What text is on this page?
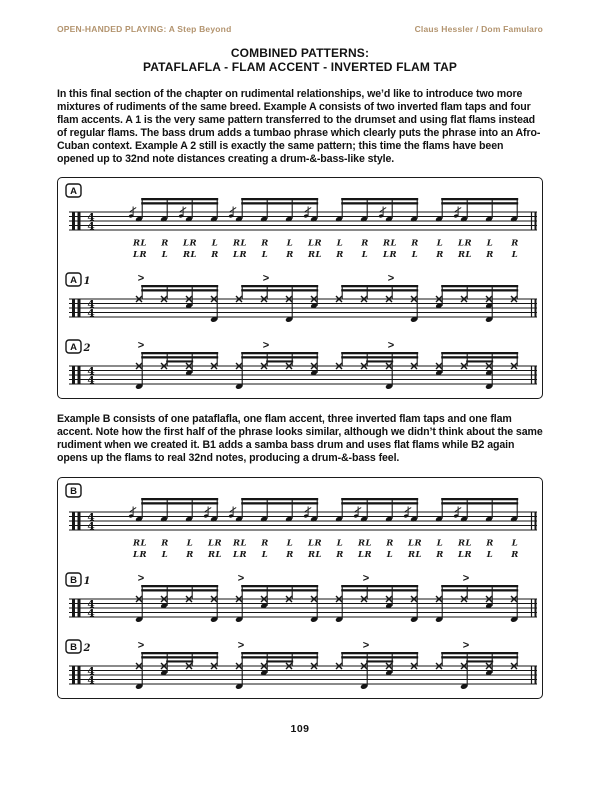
OPEN-HANDED PLAYING: A Step Beyond	Claus Hessler / Dom Famularo
COMBINED PATTERNS:
PATAFLAFLA - FLAM ACCENT - INVERTED FLAM TAP

In this final section of the chapter on rudimental relationships, we’d like to introduce two more mixtures of rudiments of the same breed. Example A consists of two inverted flam taps and four flam accents. A 1 is the very same pattern transferred to the drumset and using flat flams instead of regular flams. The bass drum adds a tumbao phrase which clearly puts the phrase into an Afro-Cuban context. Example A 2 still is exactly the same pattern; this time the flams have been opened up to 32nd note distances creating a drum-&-bass-like style.

4
4
A
RL R LR L RL R L LR L R RL R L LR L R
LR L RL R LR L R RL R L LR L R RL R L
4
4
A 1	>	>	>
4
4
A 2	>	>	>

Example B consists of one pataflafla, one flam accent, three inverted flam taps and one flam accent. Note how the first half of the phrase looks similar, although we didn’t think about the same rudiment when we created it. B1 adds a samba bass drum and uses flat flams while B2 again opens up the flams to real 32nd notes, producing a drum-&-bass feel.

4
4
B
RL R L LR RL R L LR L RL R LR L RL R L
LR L R RL LR L R RL R LR L RL R LR L R
4
4
B 1	>	>	>	>
4
4
B 2	>	>	>	>
109
